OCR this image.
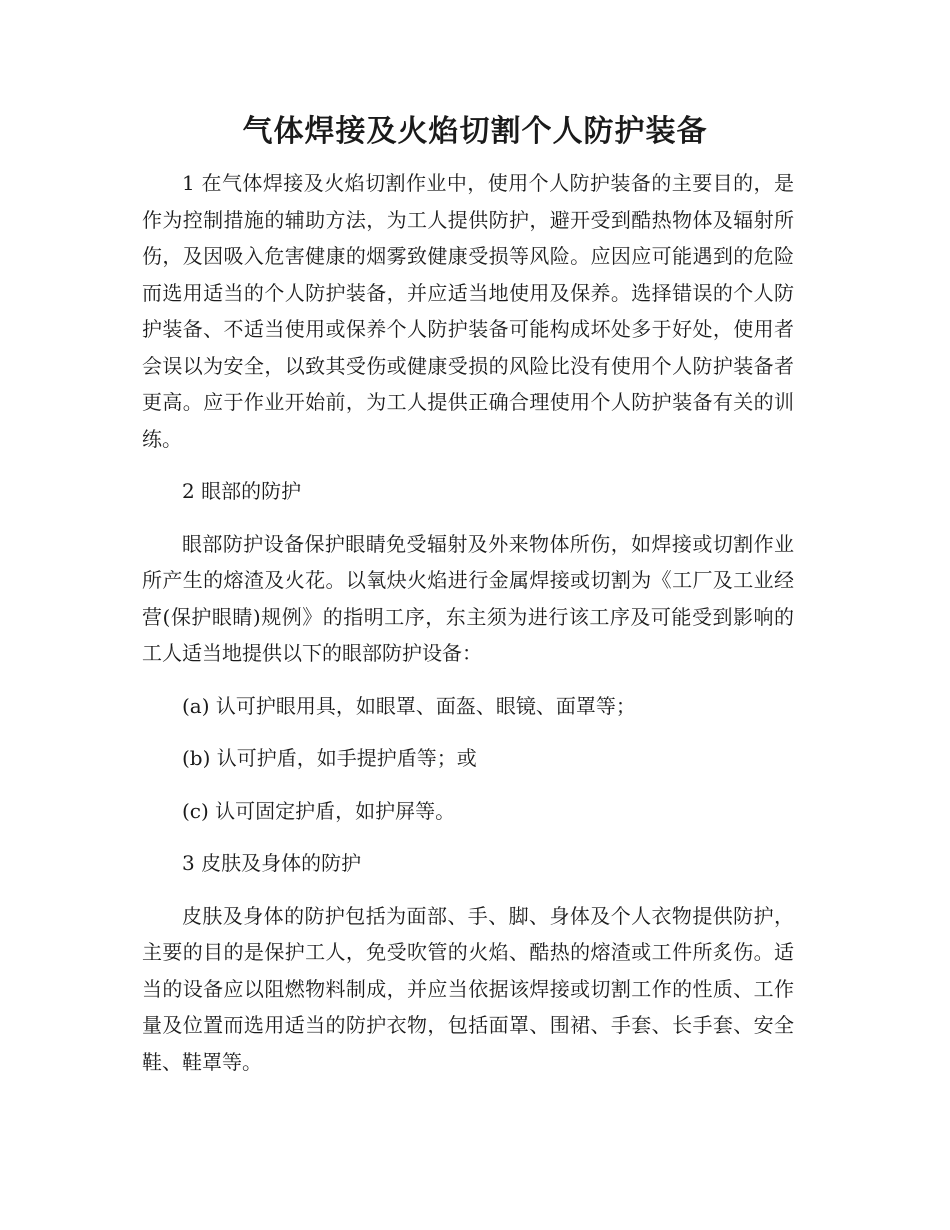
气体焊接及火焰切割个人防护装备

1 在气体焊接及火焰切割作业中，使用个人防护装备的主要目的，是作为控制措施的辅助方法，为工人提供防护，避开受到酷热物体及辐射所伤，及因吸入危害健康的烟雾致健康受损等风险。应因应可能遇到的危险而选用适当的个人防护装备，并应适当地使用及保养。选择错误的个人防护装备、不适当使用或保养个人防护装备可能构成坏处多于好处，使用者会误以为安全，以致其受伤或健康受损的风险比没有使用个人防护装备者更高。应于作业开始前，为工人提供正确合理使用个人防护装备有关的训练。

2 眼部的防护

眼部防护设备保护眼睛免受辐射及外来物体所伤，如焊接或切割作业所产生的熔渣及火花。以氧炔火焰进行金属焊接或切割为《工厂及工业经营(保护眼睛)规例》的指明工序，东主须为进行该工序及可能受到影响的工人适当地提供以下的眼部防护设备：

(a) 认可护眼用具，如眼罩、面盔、眼镜、面罩等；

(b) 认可护盾，如手提护盾等；或

(c) 认可固定护盾，如护屏等。

3 皮肤及身体的防护

皮肤及身体的防护包括为面部、手、脚、身体及个人衣物提供防护，主要的目的是保护工人，免受吹管的火焰、酷热的熔渣或工件所炙伤。适当的设备应以阻燃物料制成，并应当依据该焊接或切割工作的性质、工作量及位置而选用适当的防护衣物，包括面罩、围裙、手套、长手套、安全鞋、鞋罩等。
